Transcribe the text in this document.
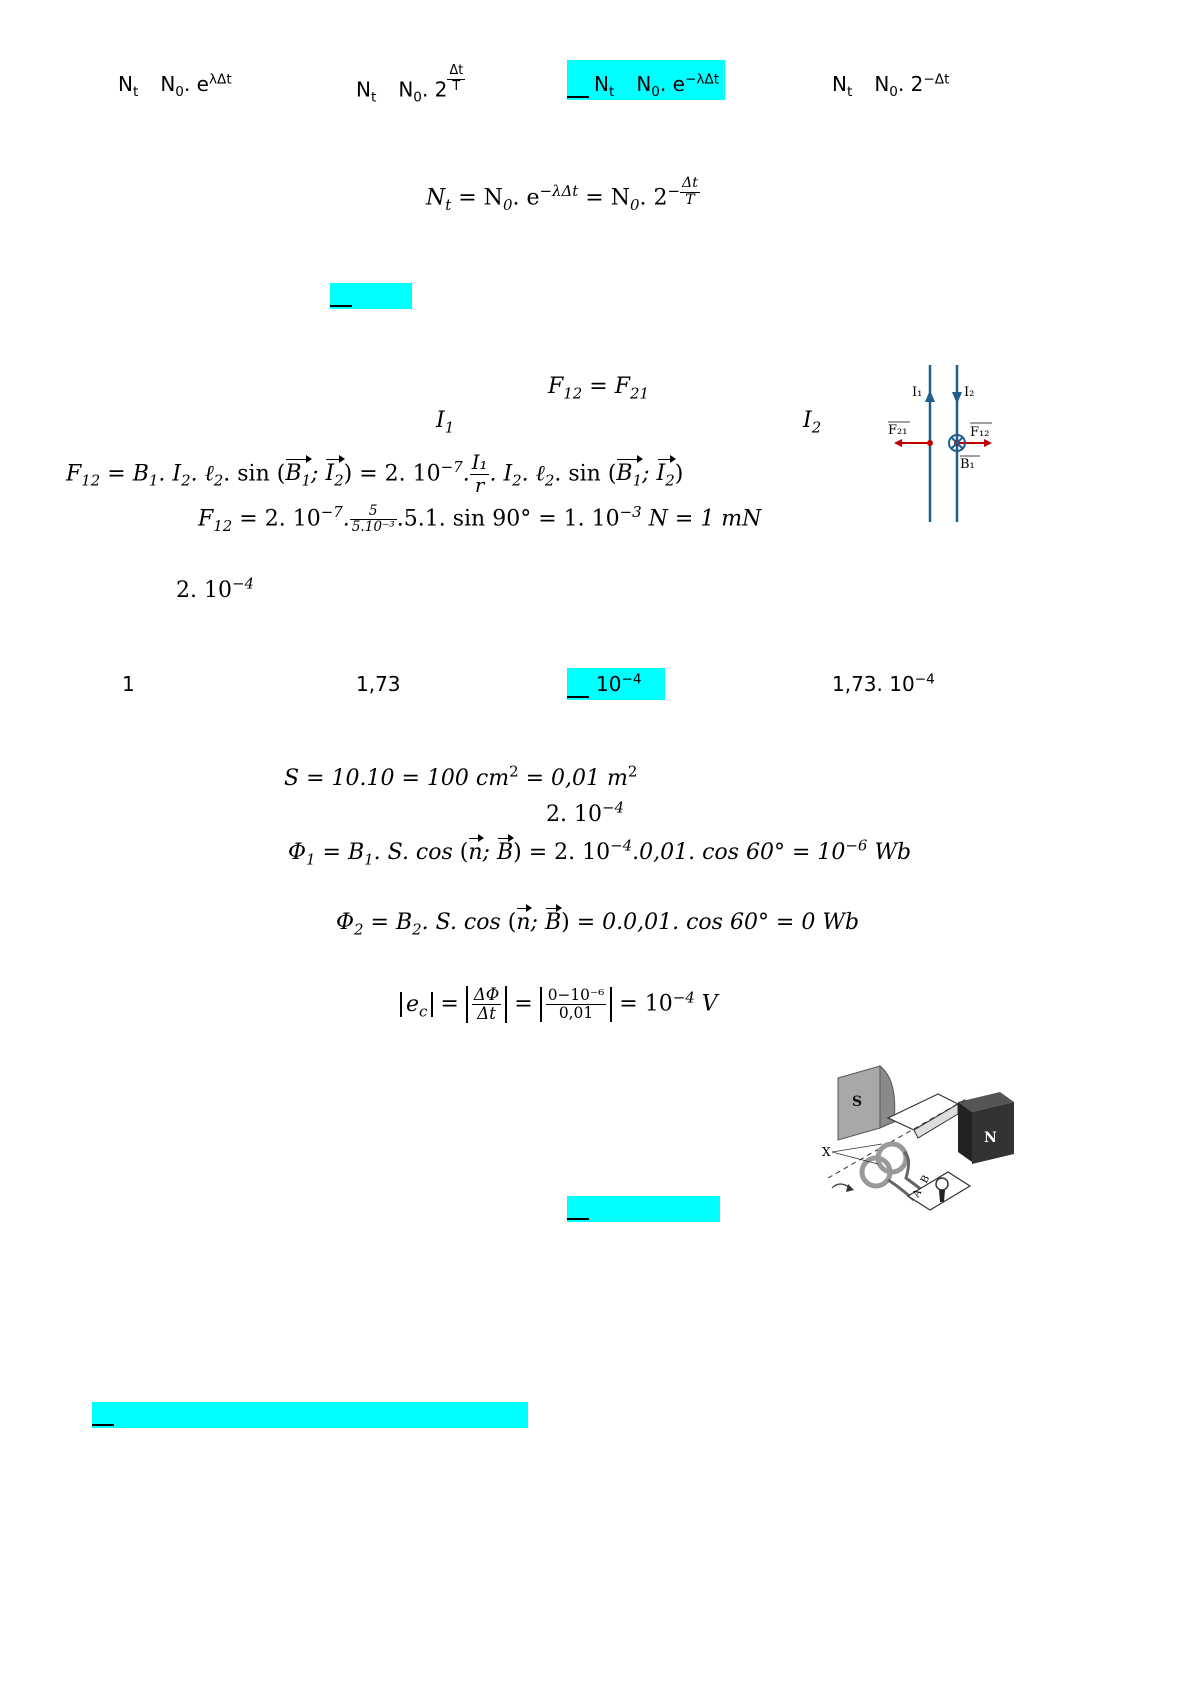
$N_t$ $N_0$. $e^{\lambda\Delta t}$	$N_t$ $N_0$. 2 $^{\frac{\Delta t}{T}}$	$N_t$ $N_0$. $e^{-\lambda\Delta t}$	$N_t$ $N_0$. $2^{-\Delta t}$
$N_t = N_0$. $e^{-\lambda\Delta t} = N_0$. $2^{- \frac{\Delta t}{T}}$
$F_{12} = F_{21}$
$I_1$	$I_2$
$F_{12} = B_1$. $I_2$. ℓ$_2$. $\sin (B_1$; $I_2) = 2$. $10^{-7}$. $\frac{\text{I₁}}{r}$ . $I_2$. ℓ$_2$. $\sin (B_1$; $I_2$)
$F_{12} = 2$. $10^{-7}$. $\frac{5}{\text{5.10⁻³}} .5.1$. sin 90° = 1. $10^{-3}$ N = 1 mN
2. $10^{-4}$
I₁	I₂
F₂₁	F₁₂
B₁
1	1,73	$10^{-4}$	1,73. $10^{-4}$
S = 10.10 = 100 $cm^2 = 0,01$ $m^2$
2. $10^{-4}$
$\Phi_1 = B_1$. S. cos (n; B) = 2. $10^{-4}.0,01$. $\cos 60^\circ = 10^{-6}$ Wb
$\Phi_2 = B_2$. S. cos (n; B) = 0.0,01. cos 60° = 0 Wb
$e_c = \frac{\Delta\Phi}{\Delta t} = \frac{\text{0−10⁻⁶}}{0,01} = 10^{-4}$ V
S
N
A
B
X
